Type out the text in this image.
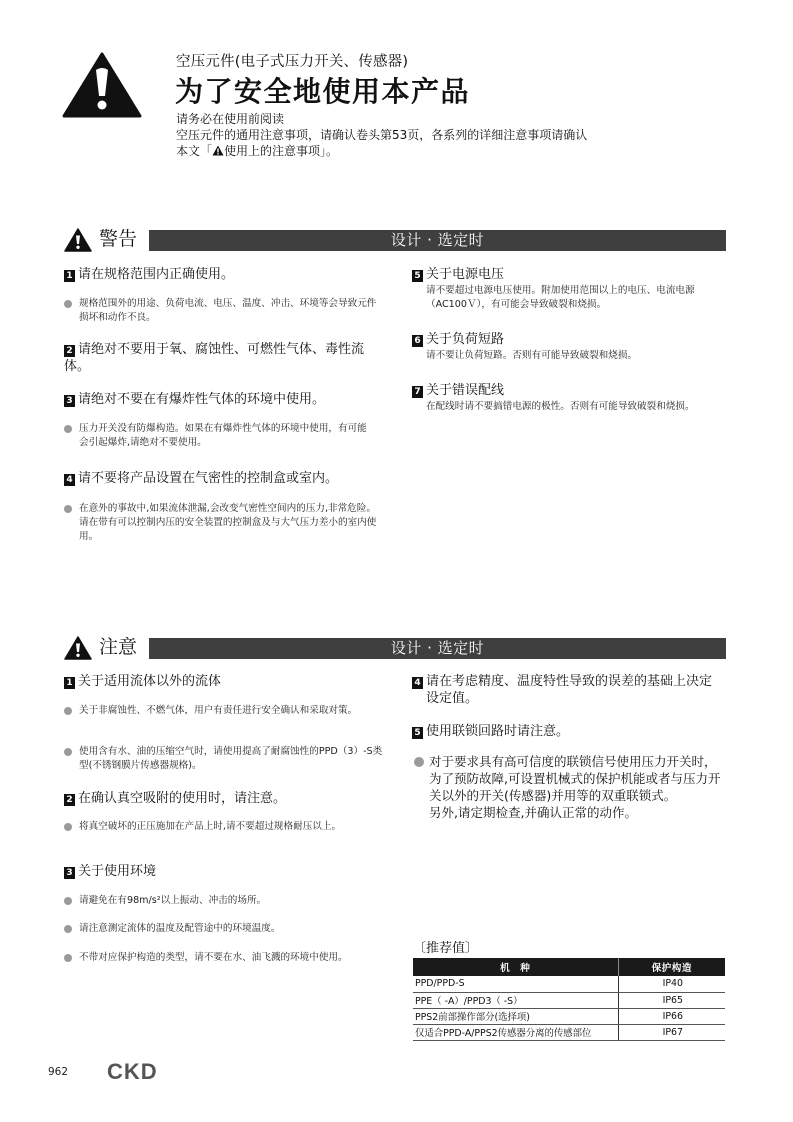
空压元件(电子式压力开关、传感器)
为了安全地使用本产品
请务必在使用前阅读
空压元件的通用注意事项，请确认卷头第53页，各系列的详细注意事项请确认
本文「 使用上的注意事项」。
警告	设计 · 选定时
1 请在规格范围内正确使用。
规格范围外的用途、负荷电流、电压、温度、冲击、环境等会导致元件损坏和动作不良。
2 请绝对不要用于氧、腐蚀性、可燃性气体、毒性流体。
3 请绝对不要在有爆炸性气体的环境中使用。
压力开关没有防爆构造。如果在有爆炸性气体的环境中使用，有可能会引起爆炸,请绝对不要使用。
4 请不要将产品设置在气密性的控制盒或室内。
在意外的事故中,如果流体泄漏,会改变气密性空间内的压力,非常危险。请在带有可以控制内压的安全装置的控制盒及与大气压力差小的室内使用。
5 关于电源电压
请不要超过电源电压使用。附加使用范围以上的电压、电流电源（AC100Ｖ），有可能会导致破裂和烧损。
6 关于负荷短路
请不要让负荷短路。否则有可能导致破裂和烧损。
7 关于错误配线
在配线时请不要搞错电源的极性。否则有可能导致破裂和烧损。
注意	设计 · 选定时
1 关于适用流体以外的流体
关于非腐蚀性、不燃气体，用户有责任进行安全确认和采取对策。
使用含有水、油的压缩空气时，请使用提高了耐腐蚀性的PPD（3）-S类型(不锈钢膜片传感器规格)。
2 在确认真空吸附的使用时，请注意。
将真空破坏的正压施加在产品上时,请不要超过规格耐压以上。
3 关于使用环境
请避免在有98m/s²以上振动、冲击的场所。
请注意测定流体的温度及配管途中的环境温度。
不带对应保护构造的类型，请不要在水、油飞溅的环境中使用。
4 请在考虑精度、温度特性导致的误差的基础上决定设定值。
5 使用联锁回路时请注意。
对于要求具有高可信度的联锁信号使用压力开关时，为了预防故障,可设置机械式的保护机能或者与压力开关以外的开关(传感器)并用等的双重联锁式。
另外,请定期检查,并确认正常的动作。
〔推荐值〕
机　种	保护构造
PPD/PPD-S	IP40
PPE（ -A）/PPD3（ -S）	IP65
PPS2前部操作部分(选择项)	IP66
仅适合PPD-A/PPS2传感器分离的传感部位	IP67
962 CKD
